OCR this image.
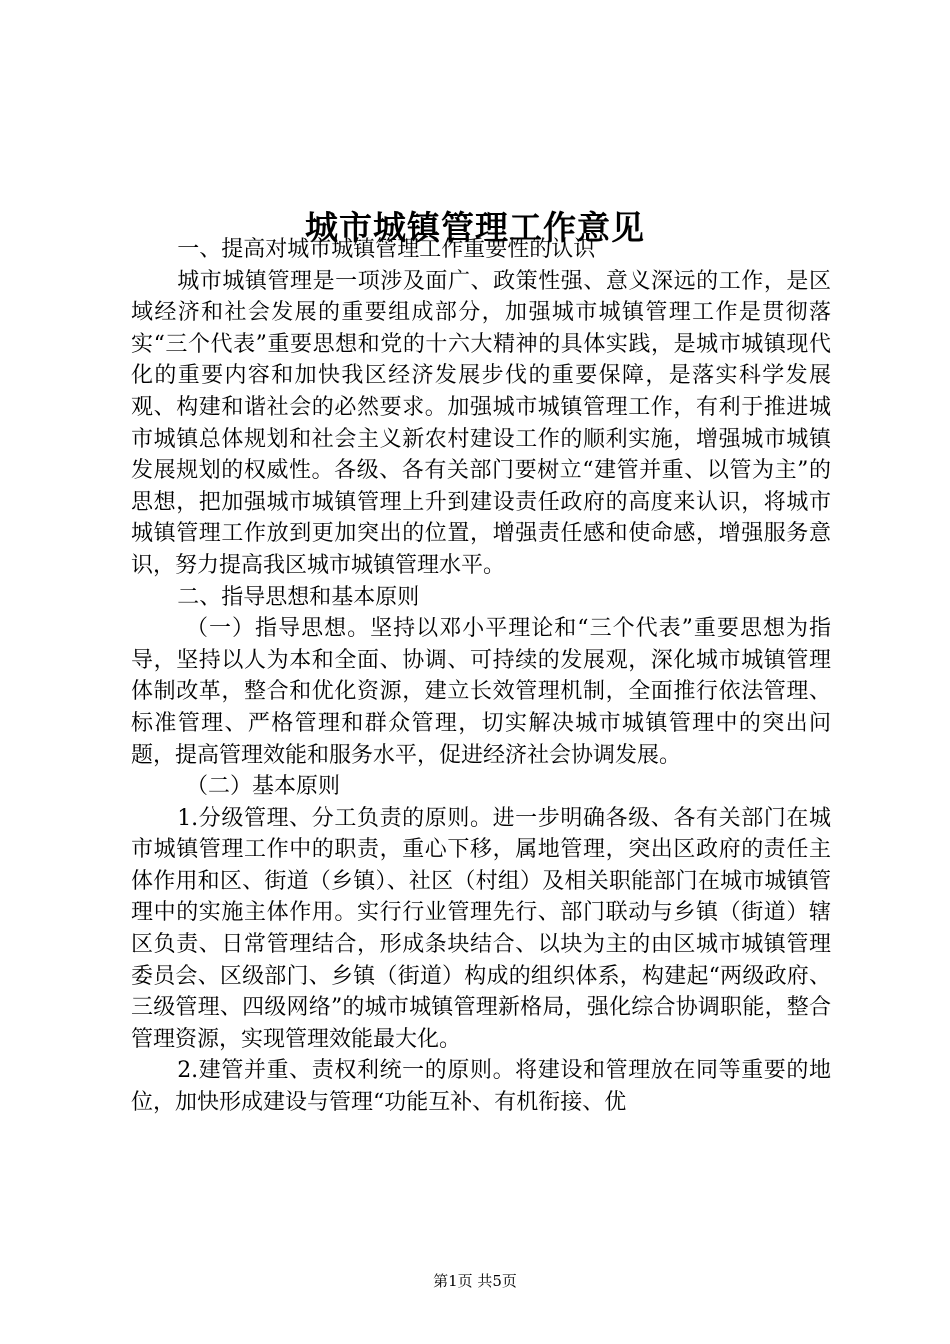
城市城镇管理工作意见

一、提高对城市城镇管理工作重要性的认识

城市城镇管理是一项涉及面广、政策性强、意义深远的工作，是区域经济和社会发展的重要组成部分，加强城市城镇管理工作是贯彻落实“三个代表”重要思想和党的十六大精神的具体实践，是城市城镇现代化的重要内容和加快我区经济发展步伐的重要保障，是落实科学发展观、构建和谐社会的必然要求。加强城市城镇管理工作，有利于推进城市城镇总体规划和社会主义新农村建设工作的顺利实施，增强城市城镇发展规划的权威性。各级、各有关部门要树立“建管并重、以管为主”的思想，把加强城市城镇管理上升到建设责任政府的高度来认识，将城市城镇管理工作放到更加突出的位置，增强责任感和使命感，增强服务意识，努力提高我区城市城镇管理水平。

二、指导思想和基本原则

（一）指导思想。坚持以邓小平理论和“三个代表”重要思想为指导，坚持以人为本和全面、协调、可持续的发展观，深化城市城镇管理体制改革，整合和优化资源，建立长效管理机制，全面推行依法管理、标准管理、严格管理和群众管理，切实解决城市城镇管理中的突出问题，提高管理效能和服务水平，促进经济社会协调发展。

（二）基本原则

1.分级管理、分工负责的原则。进一步明确各级、各有关部门在城市城镇管理工作中的职责，重心下移，属地管理，突出区政府的责任主体作用和区、街道（乡镇）、社区（村组）及相关职能部门在城市城镇管理中的实施主体作用。实行行业管理先行、部门联动与乡镇（街道）辖区负责、日常管理结合，形成条块结合、以块为主的由区城市城镇管理委员会、区级部门、乡镇（街道）构成的组织体系，构建起“两级政府、三级管理、四级网络”的城市城镇管理新格局，强化综合协调职能，整合管理资源，实现管理效能最大化。

2.建管并重、责权利统一的原则。将建设和管理放在同等重要的地位，加快形成建设与管理“功能互补、有机衔接、优

第1页 共5页
